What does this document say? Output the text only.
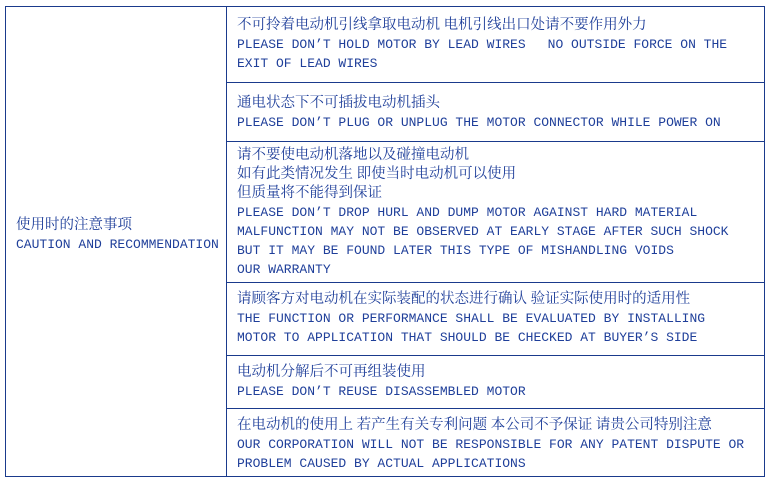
使用时的注意事项
CAUTION AND RECOMMENDATION
不可拎着电动机引线拿取电动机 电机引线出口处请不要作用外力
PLEASE DON’T HOLD MOTOR BY LEAD WIRES NO OUTSIDE FORCE ON THE
EXIT OF LEAD WIRES
通电状态下不可插拔电动机插头
PLEASE DON’T PLUG OR UNPLUG THE MOTOR CONNECTOR WHILE POWER ON
请不要使电动机落地以及碰撞电动机
如有此类情况发生 即使当时电动机可以使用
但质量将不能得到保证
PLEASE DON’T DROP HURL AND DUMP MOTOR AGAINST HARD MATERIAL
MALFUNCTION MAY NOT BE OBSERVED AT EARLY STAGE AFTER SUCH SHOCK
BUT IT MAY BE FOUND LATER THIS TYPE OF MISHANDLING VOIDS
OUR WARRANTY
请顾客方对电动机在实际装配的状态进行确认 验证实际使用时的适用性
THE FUNCTION OR PERFORMANCE SHALL BE EVALUATED BY INSTALLING
MOTOR TO APPLICATION THAT SHOULD BE CHECKED AT BUYER’S SIDE
电动机分解后不可再组装使用
PLEASE DON’T REUSE DISASSEMBLED MOTOR
在电动机的使用上 若产生有关专利问题 本公司不予保证 请贵公司特别注意
OUR CORPORATION WILL NOT BE RESPONSIBLE FOR ANY PATENT DISPUTE OR
PROBLEM CAUSED BY ACTUAL APPLICATIONS
